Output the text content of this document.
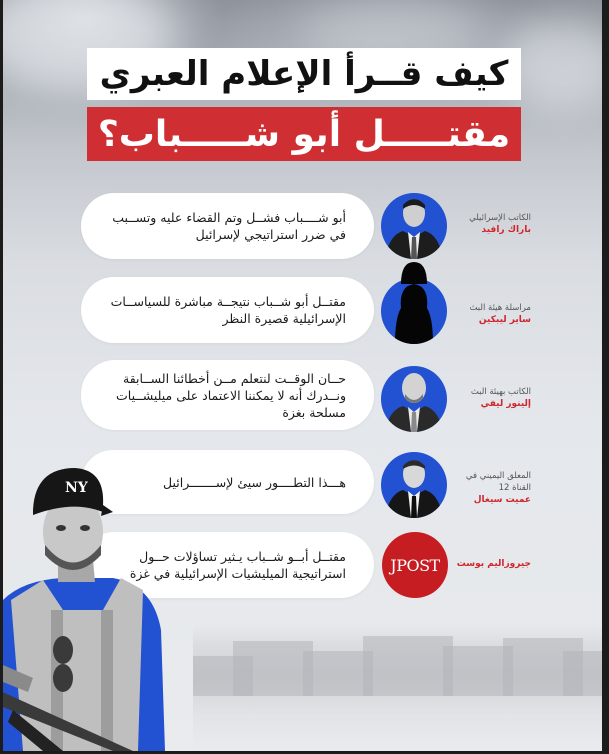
كيف قــرأ الإعلام العبري
مقتـــــل أبو شـــــباب؟

أبو شــــباب فشــل وتم القضاء عليه وتســبب في ضرر استراتيجي لإسرائيل

الكاتب الإسرائيلي
باراك رافيد

مقتــل أبو شــباب نتيجــة مباشرة للسياســات الإسرائيلية قصيرة النظر

مراسلة هيئة البث
ساير ليبكين

حــان الوقــت لنتعلم مــن أخطائنا الســابقة ونــدرك أنه لا يمكننا الاعتماد على ميليشــيات مسلحة بغزة

الكاتب بهيئة البث
إلينور ليفي

هـــذا التطــــور سيئ لإســـــــرائيل	المعلق اليميني في القناة 12
عميت سيغال

مقتــل أبــو شــباب يـثير تساؤلات حــول استراتيجية الميليشيات الإسرائيلية في غزة	JPOST	جيروزاليم بوست
NY
